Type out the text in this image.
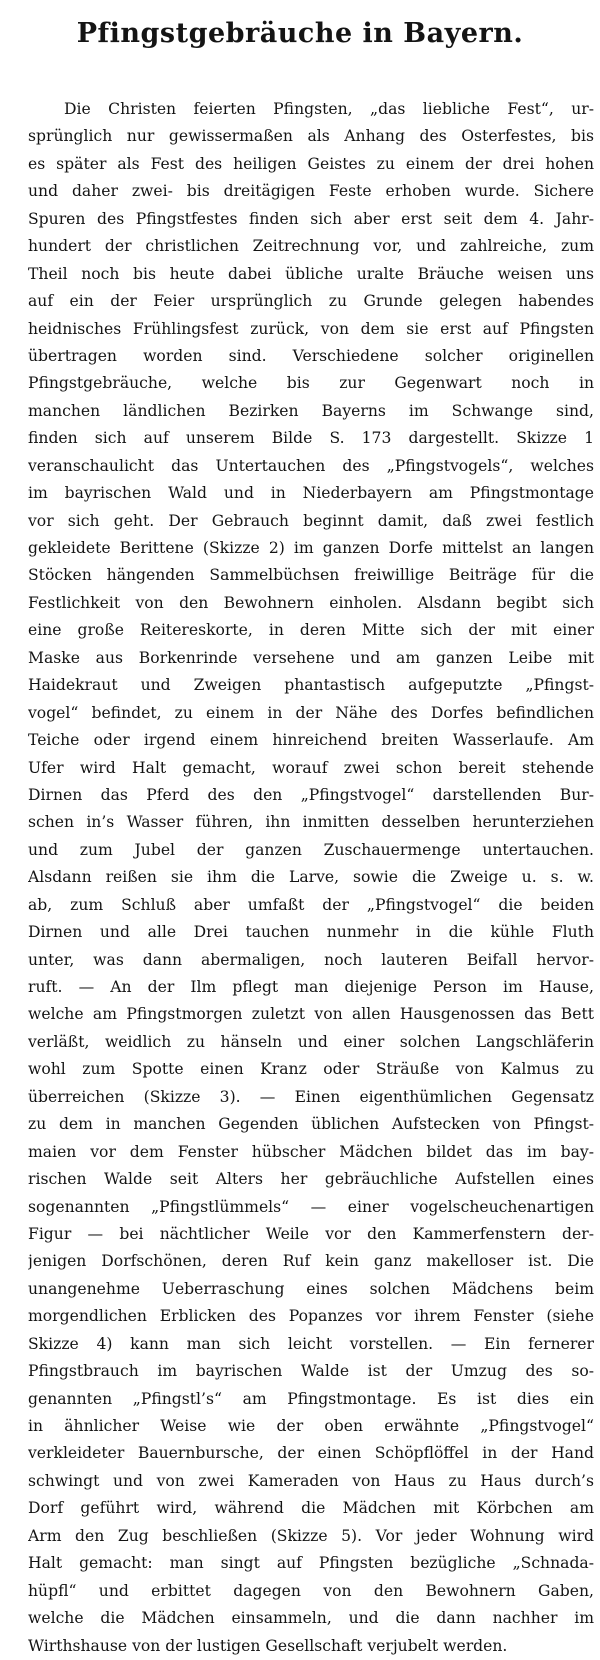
Pfingstgebräuche in Bayern.
Die Christen feierten Pfingsten, „das liebliche Fest“, ur-
sprünglich nur gewissermaßen als Anhang des Osterfestes, bis
es später als Fest des heiligen Geistes zu einem der drei hohen
und daher zwei- bis dreitägigen Feste erhoben wurde. Sichere
Spuren des Pfingstfestes finden sich aber erst seit dem 4. Jahr-
hundert der christlichen Zeitrechnung vor, und zahlreiche, zum
Theil noch bis heute dabei übliche uralte Bräuche weisen uns
auf ein der Feier ursprünglich zu Grunde gelegen habendes
heidnisches Frühlingsfest zurück, von dem sie erst auf Pfingsten
übertragen worden sind. Verschiedene solcher originellen
Pfingstgebräuche, welche bis zur Gegenwart noch in
manchen ländlichen Bezirken Bayerns im Schwange sind,
finden sich auf unserem Bilde S. 173 dargestellt. Skizze 1
veranschaulicht das Untertauchen des „Pfingstvogels“, welches
im bayrischen Wald und in Niederbayern am Pfingstmontage
vor sich geht. Der Gebrauch beginnt damit, daß zwei festlich
gekleidete Berittene (Skizze 2) im ganzen Dorfe mittelst an langen
Stöcken hängenden Sammelbüchsen freiwillige Beiträge für die
Festlichkeit von den Bewohnern einholen. Alsdann begibt sich
eine große Reitereskorte, in deren Mitte sich der mit einer
Maske aus Borkenrinde versehene und am ganzen Leibe mit
Haidekraut und Zweigen phantastisch aufgeputzte „Pfingst-
vogel“ befindet, zu einem in der Nähe des Dorfes befindlichen
Teiche oder irgend einem hinreichend breiten Wasserlaufe. Am
Ufer wird Halt gemacht, worauf zwei schon bereit stehende
Dirnen das Pferd des den „Pfingstvogel“ darstellenden Bur-
schen in’s Wasser führen, ihn inmitten desselben herunterziehen
und zum Jubel der ganzen Zuschauermenge untertauchen.
Alsdann reißen sie ihm die Larve, sowie die Zweige u. s. w.
ab, zum Schluß aber umfaßt der „Pfingstvogel“ die beiden
Dirnen und alle Drei tauchen nunmehr in die kühle Fluth
unter, was dann abermaligen, noch lauteren Beifall hervor-
ruft. — An der Ilm pflegt man diejenige Person im Hause,
welche am Pfingstmorgen zuletzt von allen Hausgenossen das Bett
verläßt, weidlich zu hänseln und einer solchen Langschläferin
wohl zum Spotte einen Kranz oder Sträuße von Kalmus zu
überreichen (Skizze 3). — Einen eigenthümlichen Gegensatz
zu dem in manchen Gegenden üblichen Aufstecken von Pfingst-
maien vor dem Fenster hübscher Mädchen bildet das im bay-
rischen Walde seit Alters her gebräuchliche Aufstellen eines
sogenannten „Pfingstlümmels“ — einer vogelscheuchenartigen
Figur — bei nächtlicher Weile vor den Kammerfenstern der-
jenigen Dorfschönen, deren Ruf kein ganz makelloser ist. Die
unangenehme Ueberraschung eines solchen Mädchens beim
morgendlichen Erblicken des Popanzes vor ihrem Fenster (siehe
Skizze 4) kann man sich leicht vorstellen. — Ein fernerer
Pfingstbrauch im bayrischen Walde ist der Umzug des so-
genannten „Pfingstl’s“ am Pfingstmontage. Es ist dies ein
in ähnlicher Weise wie der oben erwähnte „Pfingstvogel“
verkleideter Bauernbursche, der einen Schöpflöffel in der Hand
schwingt und von zwei Kameraden von Haus zu Haus durch’s
Dorf geführt wird, während die Mädchen mit Körbchen am
Arm den Zug beschließen (Skizze 5). Vor jeder Wohnung wird
Halt gemacht: man singt auf Pfingsten bezügliche „Schnada-
hüpfl“ und erbittet dagegen von den Bewohnern Gaben,
welche die Mädchen einsammeln, und die dann nachher im
Wirthshause von der lustigen Gesellschaft verjubelt werden.
